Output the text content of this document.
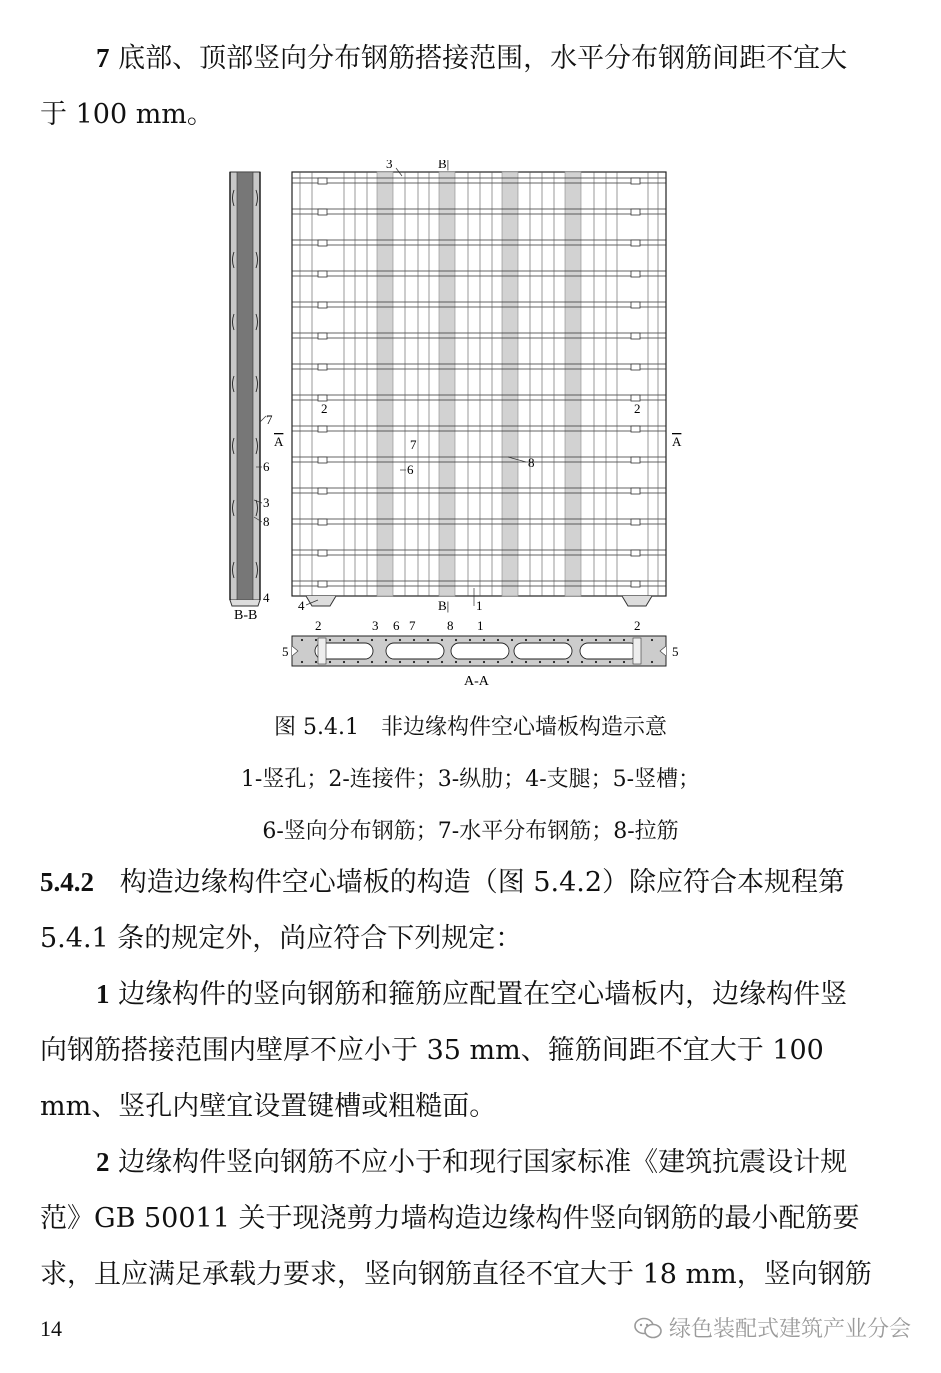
7 底部、顶部竖向分布钢筋搭接范围，水平分布钢筋间距不宜大于 100 mm。
7
6
3
8
4
B-B
3	B|
B|
2	2
7
6	8
1
4
A	A
2	3 6 7 8 1	2
5	5
A-A
图 5.4.1　非边缘构件空心墙板构造示意
1-竖孔；2-连接件；3-纵肋；4-支腿；5-竖槽；
6-竖向分布钢筋；7-水平分布钢筋；8-拉筋
5.4.2 构造边缘构件空心墙板的构造（图 5.4.2）除应符合本规程第 5.4.1 条的规定外，尚应符合下列规定：
1 边缘构件的竖向钢筋和箍筋应配置在空心墙板内，边缘构件竖向钢筋搭接范围内壁厚不应小于 35 mm、箍筋间距不宜大于 100 mm、竖孔内壁宜设置键槽或粗糙面。
2 边缘构件竖向钢筋不应小于和现行国家标准《建筑抗震设计规范》GB 50011 关于现浇剪力墙构造边缘构件竖向钢筋的最小配筋要求，且应满足承载力要求，竖向钢筋直径不宜大于 18 mm，竖向钢筋
14	绿色装配式建筑产业分会
